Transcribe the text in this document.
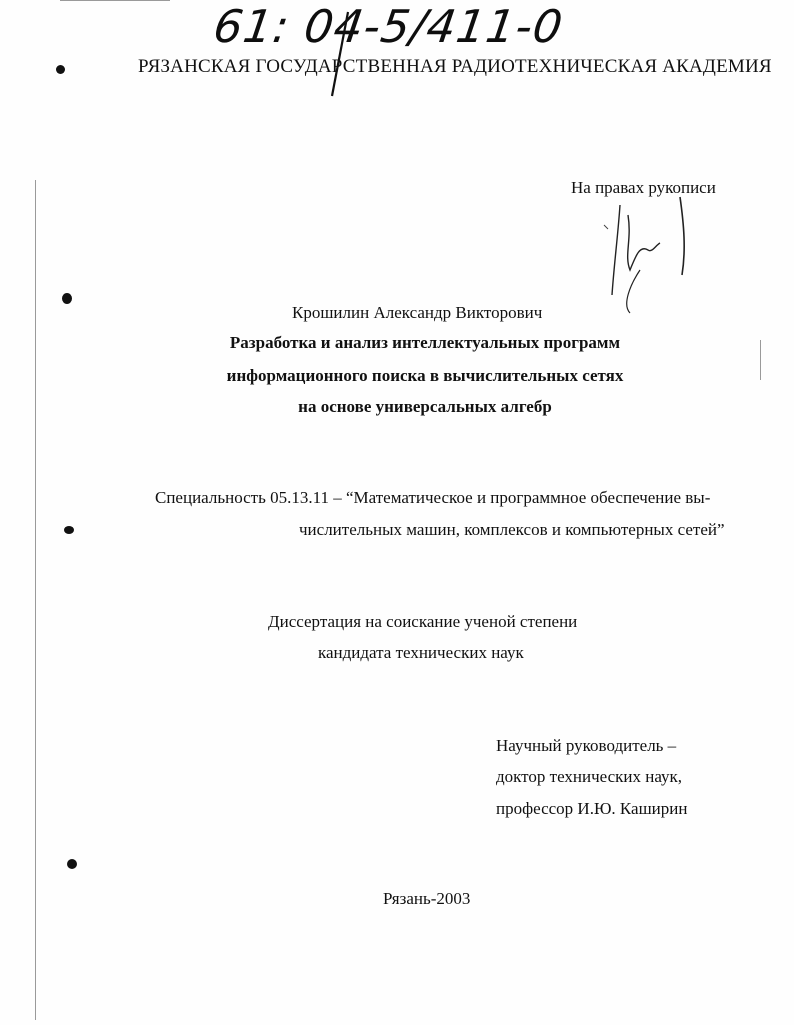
61: 04-5/411-0
РЯЗАНСКАЯ ГОСУДАРСТВЕННАЯ РАДИОТЕХНИЧЕСКАЯ АКАДЕМИЯ
На правах рукописи
Крошилин Александр Викторович
Разработка и анализ интеллектуальных программ
информационного поиска в вычислительных сетях
на основе универсальных алгебр
Специальность 05.13.11 – “Математическое и программное обеспечение вы-
числительных машин, комплексов и компьютерных сетей”
Диссертация на соискание ученой степени
кандидата технических наук
Научный руководитель –
доктор технических наук,
профессор И.Ю. Каширин
Рязань-2003
